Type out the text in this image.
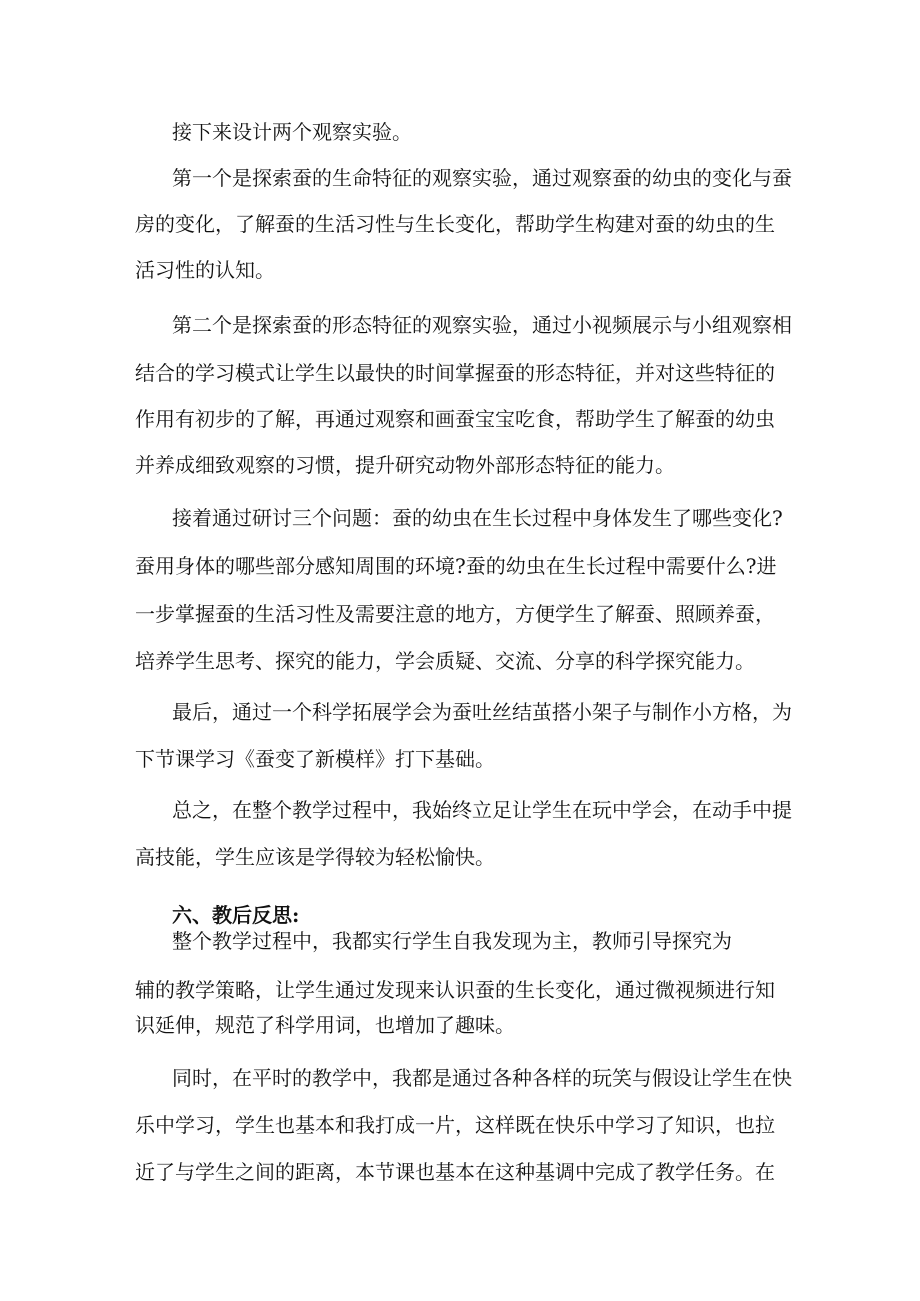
接下来设计两个观察实验。
第一个是探索蚕的生命特征的观察实验，通过观察蚕的幼虫的变化与蚕
房的变化，了解蚕的生活习性与生长变化，帮助学生构建对蚕的幼虫的生
活习性的认知。
第二个是探索蚕的形态特征的观察实验，通过小视频展示与小组观察相
结合的学习模式让学生以最快的时间掌握蚕的形态特征，并对这些特征的
作用有初步的了解，再通过观察和画蚕宝宝吃食，帮助学生了解蚕的幼虫
并养成细致观察的习惯，提升研究动物外部形态特征的能力。
接着通过研讨三个问题：蚕的幼虫在生长过程中身体发生了哪些变化?
蚕用身体的哪些部分感知周围的环境?蚕的幼虫在生长过程中需要什么?进
一步掌握蚕的生活习性及需要注意的地方，方便学生了解蚕、照顾养蚕，
培养学生思考、探究的能力，学会质疑、交流、分享的科学探究能力。
最后，通过一个科学拓展学会为蚕吐丝结茧搭小架子与制作小方格，为
下节课学习《蚕变了新模样》打下基础。
总之，在整个教学过程中，我始终立足让学生在玩中学会，在动手中提
高技能，学生应该是学得较为轻松愉快。
六、教后反思:
整个教学过程中，我都实行学生自我发现为主，教师引导探究为
辅的教学策略，让学生通过发现来认识蚕的生长变化，通过微视频进行知
识延伸，规范了科学用词，也增加了趣味。
同时，在平时的教学中，我都是通过各种各样的玩笑与假设让学生在快
乐中学习，学生也基本和我打成一片，这样既在快乐中学习了知识，也拉
近了与学生之间的距离，本节课也基本在这种基调中完成了教学任务。在
